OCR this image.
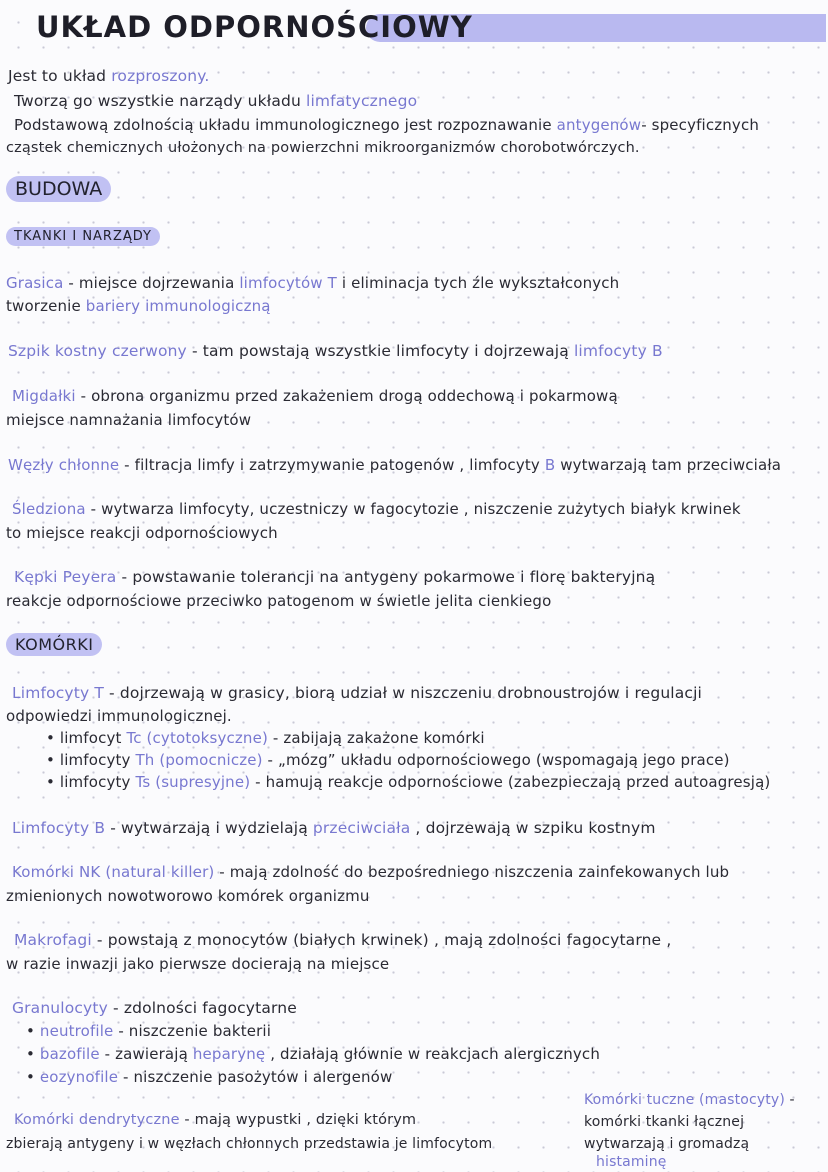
UKŁAD ODPORNOŚCIOWY
Jest to układ rozproszony.
Tworzą go wszystkie narządy układu limfatycznego
Podstawową zdolnością układu immunologicznego jest rozpoznawanie antygenów- specyficznych
cząstek chemicznych ułożonych na powierzchni mikroorganizmów chorobotwórczych.
BUDOWA
TKANKI I NARZĄDY
Grasica - miejsce dojrzewania limfocytów T i eliminacja tych źle wykształconych
tworzenie bariery immunologiczną
Szpik kostny czerwony - tam powstają wszystkie limfocyty i dojrzewają limfocyty B
Migdałki - obrona organizmu przed zakażeniem drogą oddechową i pokarmową
miejsce namnażania limfocytów
Węzły chłonne - filtracja limfy i zatrzymywanie patogenów , limfocyty B wytwarzają tam przeciwciała
Śledziona - wytwarza limfocyty, uczestniczy w fagocytozie , niszczenie zużytych białyk krwinek
to miejsce reakcji odpornościowych
Kępki Peyera - powstawanie tolerancji na antygeny pokarmowe i florę bakteryjną
reakcje odpornościowe przeciwko patogenom w świetle jelita cienkiego
KOMÓRKI
Limfocyty T - dojrzewają w grasicy, biorą udział w niszczeniu drobnoustrojów i regulacji
odpowiedzi immunologicznej.
• limfocyt Tc (cytotoksyczne) - zabijają zakażone komórki
• limfocyty Th (pomocnicze) - „mózg” układu odpornościowego (wspomagają jego prace)
• limfocyty Ts (supresyjne) - hamują reakcje odpornościowe (zabezpieczają przed autoagresją)
Limfocyty B - wytwarzają i wydzielają przeciwciała , dojrzewają w szpiku kostnym
Komórki NK (natural killer) - mają zdolność do bezpośredniego niszczenia zainfekowanych lub
zmienionych nowotworowo komórek organizmu
Makrofagi - powstają z monocytów (białych krwinek) , mają zdolności fagocytarne ,
w razie inwazji jako pierwsze docierają na miejsce
Granulocyty - zdolności fagocytarne
• neutrofile - niszczenie bakterii
• bazofile - zawierają heparynę , działają głównie w reakcjach alergicznych
• eozynofile - niszczenie pasożytów i alergenów
Komórki dendrytyczne - mają wypustki , dzięki którym
zbierają antygeny i w węzłach chłonnych przedstawia je limfocytom
Komórki tuczne (mastocyty) -
komórki tkanki łącznej
wytwarzają i gromadzą
histaminę
